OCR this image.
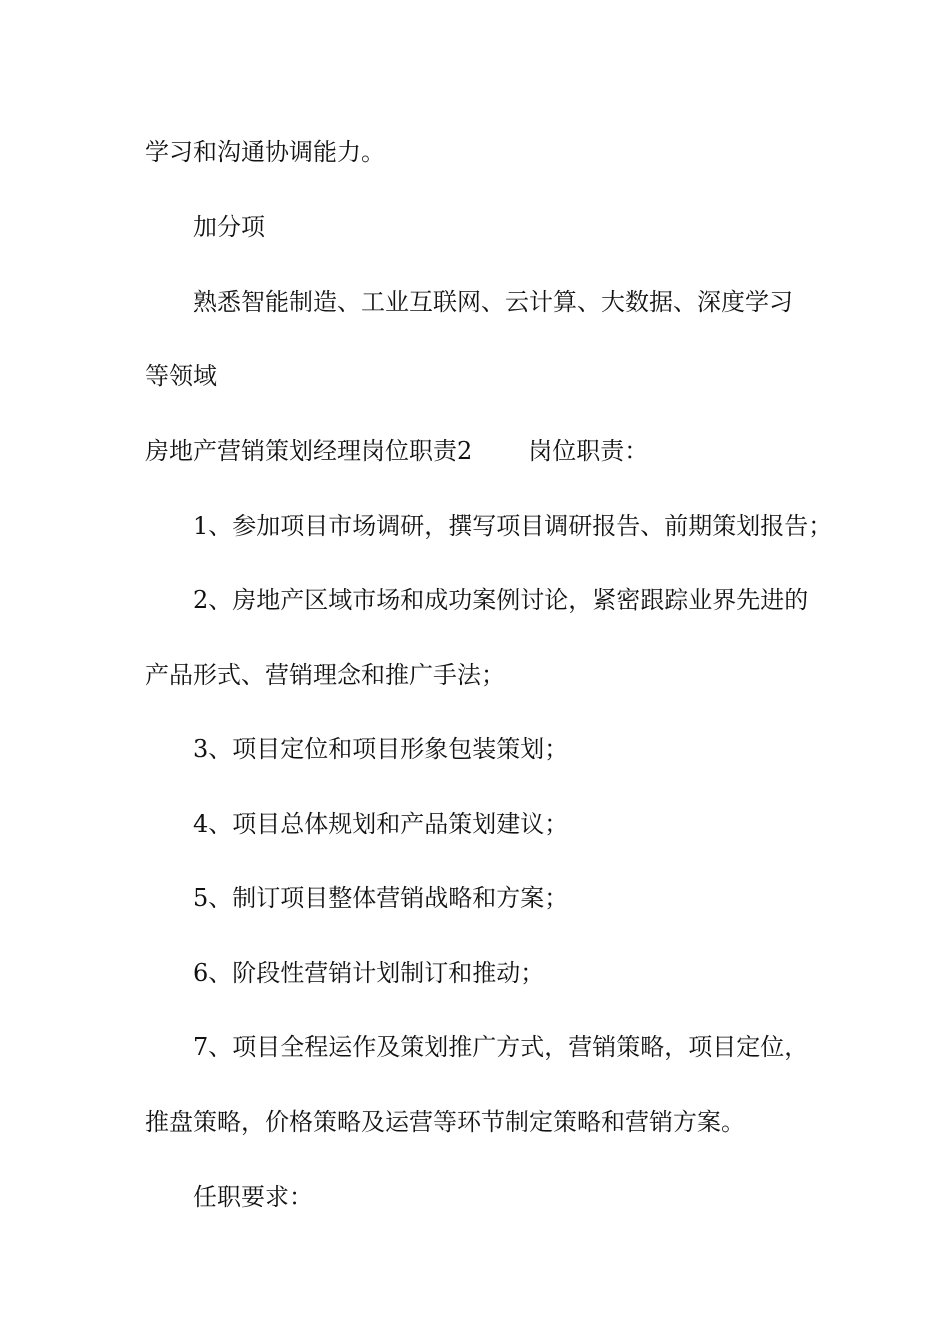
学习和沟通协调能力。
加分项
熟悉智能制造、工业互联网、云计算、大数据、深度学习
等领域
房地产营销策划经理岗位职责2 岗位职责：
1、参加项目市场调研，撰写项目调研报告、前期策划报告；
2、房地产区域市场和成功案例讨论，紧密跟踪业界先进的
产品形式、营销理念和推广手法；
3、项目定位和项目形象包装策划；
4、项目总体规划和产品策划建议；
5、制订项目整体营销战略和方案；
6、阶段性营销计划制订和推动；
7、项目全程运作及策划推广方式，营销策略，项目定位，
推盘策略，价格策略及运营等环节制定策略和营销方案。
任职要求：
